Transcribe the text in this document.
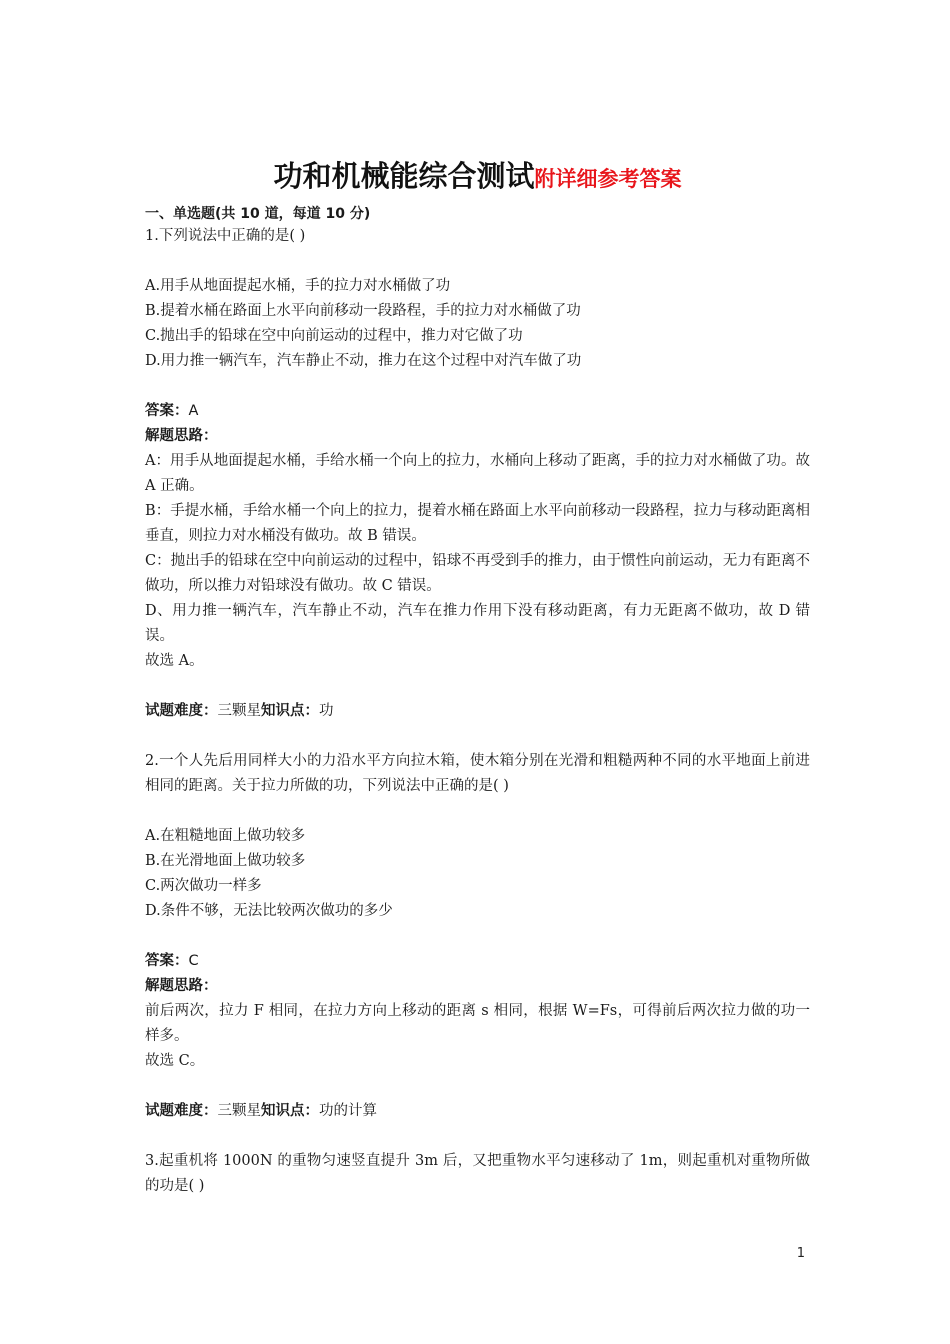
功和机械能综合测试附详细参考答案
一、单选题(共 10 道，每道 10 分)

1.下列说法中正确的是( )

A.用手从地面提起水桶，手的拉力对水桶做了功

B.提着水桶在路面上水平向前移动一段路程，手的拉力对水桶做了功

C.抛出手的铅球在空中向前运动的过程中，推力对它做了功

D.用力推一辆汽车，汽车静止不动，推力在这个过程中对汽车做了功

答案：A

解题思路：

A：用手从地面提起水桶，手给水桶一个向上的拉力，水桶向上移动了距离，手的拉力对水桶做了功。故 A 正确。

B：手提水桶，手给水桶一个向上的拉力，提着水桶在路面上水平向前移动一段路程，拉力与移动距离相垂直，则拉力对水桶没有做功。故 B 错误。

C：抛出手的铅球在空中向前运动的过程中，铅球不再受到手的推力，由于惯性向前运动，无力有距离不做功，所以推力对铅球没有做功。故 C 错误。

D、用力推一辆汽车，汽车静止不动，汽车在推力作用下没有移动距离，有力无距离不做功，故 D 错误。

故选 A。

试题难度：三颗星知识点：功

2.一个人先后用同样大小的力沿水平方向拉木箱，使木箱分别在光滑和粗糙两种不同的水平地面上前进相同的距离。关于拉力所做的功，下列说法中正确的是( )

A.在粗糙地面上做功较多

B.在光滑地面上做功较多

C.两次做功一样多

D.条件不够，无法比较两次做功的多少

答案：C

解题思路：

前后两次，拉力 F 相同，在拉力方向上移动的距离 s 相同，根据 W=Fs，可得前后两次拉力做的功一样多。

故选 C。

试题难度：三颗星知识点：功的计算

3.起重机将 1000N 的重物匀速竖直提升 3m 后，又把重物水平匀速移动了 1m，则起重机对重物所做的功是( )

1
